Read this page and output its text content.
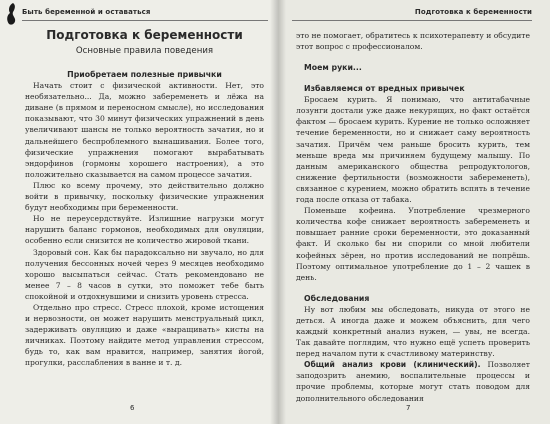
Быть беременной и оставаться
Подготовка к беременности
Основные правила поведения
Приобретаем полезные привычки

Начать стоит с физической активности. Нет, это необязательно... Да, можно забеременеть и лёжа на диване (в прямом и переносном смысле), но исследования показывают, что 30 минут физических упражнений в день увеличивают шансы не только вероятность зачатия, но и дальнейшего беспроблемного вынашивания. Более того, физические упражнения помогают вырабатывать эндорфинов (гормоны хорошего настроения), а это положительно сказывается на самом процессе зачатия.

Плюс ко всему прочему, это действительно должно войти в привычку, поскольку физические упражнения будут необходимы при беременности.

Но не переусердствуйте. Излишние нагрузки могут нарушить баланс гормонов, необходимых для овуляции, особенно если снизится не количество жировой ткани.

Здоровый сон. Как бы парадоксально ни звучало, но для получения бессонных ночей через 9 месяцев необходимо хорошо высыпаться сейчас. Стать рекомендовано не менее 7 – 8 часов в сутки, это поможет тебе быть спокойной и отдохнувшими и снизить уровень стресса.

Отдельно про стресс. Стресс плохой, кроме истощения и нервозности, он может нарушить менструальный цикл, задерживать овуляцию и даже «выращивать» кисты на яичниках. Поэтому найдите метод управления стрессом, будь то, как вам нравится, например, занятия йогой, прогулки, расслабления в ванне и т. д.

6
Подготовка к беременности

это не помогает, обратитесь к психотерапевту и обсудите этот вопрос с профессионалом.

Моем руки...
Избавляемся от вредных привычек

Бросаем курить. Я понимаю, что антитабачные лозунги достали уже даже некурящих, но факт остаётся фактом — бросаем курить. Курение не только осложняет течение беременности, но и снижает саму вероятность зачатия. Причём чем раньше бросить курить, тем меньше вреда мы причиняем будущему малышу. По данным американского общества репродуктологов, снижение фертильности (возможности забеременеть), связанное с курением, можно обратить вспять в течение года после отказа от табака.

Поменьше кофеина. Употребление чрезмерного количества кофе снижает вероятность забеременеть и повышает ранние сроки беременности, это доказанный факт. И сколько бы ни спорили со мной любители кофейных зёрен, но против исследований не попрёшь. Поэтому оптимальное употребление до 1 – 2 чашек в день.

Обследования

Ну вот любим мы обследовать, никуда от этого не деться. А иногда даже и можем объяснить, для чего каждый конкретный анализ нужен, — увы, не всегда. Так давайте поглядим, что нужно ещё успеть проверить перед началом пути к счастливому материнству.

Общий анализ крови (клинический). Позволяет заподозрить анемию, воспалительные процессы и прочие проблемы, которые могут стать поводом для дополнительного обследования

7
